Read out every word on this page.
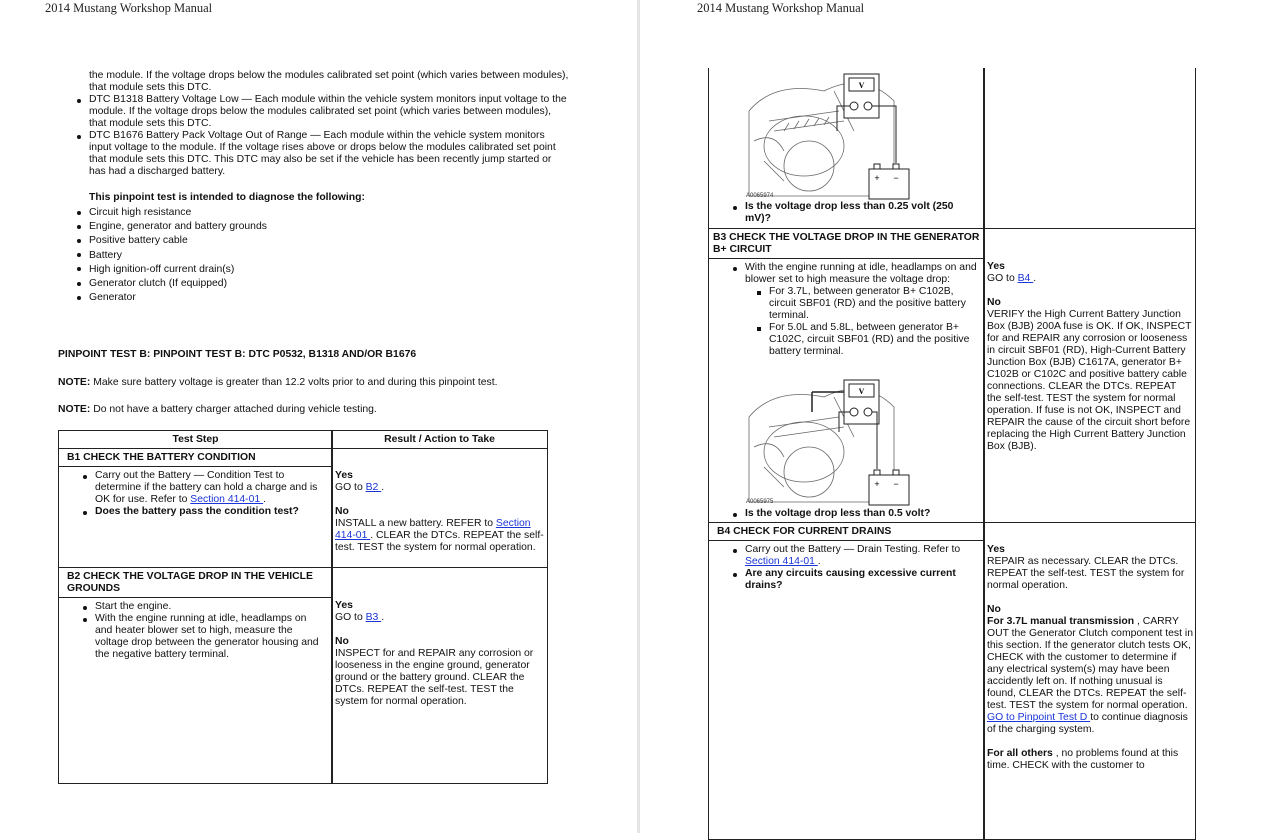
2014 Mustang Workshop Manual
the module. If the voltage drops below the modules calibrated set point (which varies between modules), that module sets this DTC.
DTC B1318 Battery Voltage Low — Each module within the vehicle system monitors input voltage to the module. If the voltage drops below the modules calibrated set point (which varies between modules), that module sets this DTC.
DTC B1676 Battery Pack Voltage Out of Range — Each module within the vehicle system monitors input voltage to the module. If the voltage rises above or drops below the modules calibrated set point that module sets this DTC. This DTC may also be set if the vehicle has been recently jump started or has had a discharged battery.
This pinpoint test is intended to diagnose the following:
Circuit high resistance
Engine, generator and battery grounds
Positive battery cable
Battery
High ignition-off current drain(s)
Generator clutch (If equipped)
Generator
PINPOINT TEST B: PINPOINT TEST B: DTC P0532, B1318 AND/OR B1676
NOTE: Make sure battery voltage is greater than 12.2 volts prior to and during this pinpoint test.
NOTE: Do not have a battery charger attached during vehicle testing.
Test Step	Result / Action to Take
B1 CHECK THE BATTERY CONDITION

Yes
GO to B2 .

No
INSTALL a new battery. REFER to Section 414-01 . CLEAR the DTCs. REPEAT the self-test. TEST the system for normal operation.

Carry out the Battery — Condition Test to determine if the battery can hold a charge and is OK for use. Refer to Section 414-01 .
Does the battery pass the condition test?
B2 CHECK THE VOLTAGE DROP IN THE VEHICLE GROUNDS

Yes
GO to B3 .

No
INSPECT for and REPAIR any corrosion or looseness in the engine ground, generator ground or the battery ground. CLEAR the DTCs. REPEAT the self-test. TEST the system for normal operation.

Start the engine.
With the engine running at idle, headlamps on and heater blower set to high, measure the voltage drop between the generator housing and the negative battery terminal.
2014 Mustang Workshop Manual
V
+ −
A0065974
Is the voltage drop less than 0.25 volt (250 mV)?
B3 CHECK THE VOLTAGE DROP IN THE GENERATOR B+ CIRCUIT
With the engine running at idle, headlamps on and blower set to high measure the voltage drop:
For 3.7L, between generator B+ C102B, circuit SBF01 (RD) and the positive battery terminal.
For 5.0L and 5.8L, between generator B+ C102C, circuit SBF01 (RD) and the positive battery terminal.
V
+ −
A0065975
Is the voltage drop less than 0.5 volt?

Yes
GO to B4 .

No
VERIFY the High Current Battery Junction Box (BJB) 200A fuse is OK. If OK, INSPECT for and REPAIR any corrosion or looseness in circuit SBF01 (RD), High-Current Battery Junction Box (BJB) C1617A, generator B+ C102B or C102C and positive battery cable connections. CLEAR the DTCs. REPEAT the self-test. TEST the system for normal operation. If fuse is not OK, INSPECT and REPAIR the cause of the circuit short before replacing the High Current Battery Junction Box (BJB).

B4 CHECK FOR CURRENT DRAINS
Carry out the Battery — Drain Testing. Refer to Section 414-01 .
Are any circuits causing excessive current drains?

Yes
REPAIR as necessary. CLEAR the DTCs. REPEAT the self-test. TEST the system for normal operation.

No
For 3.7L manual transmission , CARRY OUT the Generator Clutch component test in this section. If the generator clutch tests OK, CHECK with the customer to determine if any electrical system(s) may have been accidently left on. If nothing unusual is found, CLEAR the DTCs. REPEAT the self-test. TEST the system for normal operation. GO to Pinpoint Test D to continue diagnosis of the charging system.

For all others , no problems found at this time. CHECK with the customer to
